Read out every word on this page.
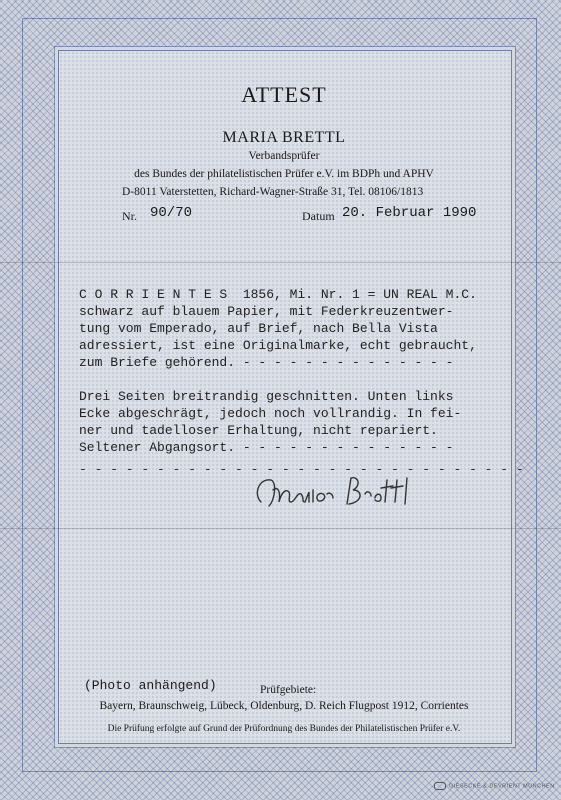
ATTEST
MARIA BRETTL
Verbandsprüfer
des Bundes der philatelistischen Prüfer e.V. im BDPh und APHV
D-8011 Vaterstetten, Richard-Wagner-Straße 31, Tel. 08106/1813
Nr. 90/70	Datum 20. Februar 1990
C O R R I E N T E S  1856, Mi. Nr. 1 = UN REAL M.C.
schwarz auf blauem Papier, mit Federkreuzentwer-
tung vom Emperado, auf Brief, nach Bella Vista
adressiert, ist eine Originalmarke, echt gebraucht,
zum Briefe gehörend. - - - - - - - - - - - - - -
Drei Seiten breitrandig geschnitten. Unten links
Ecke abgeschrägt, jedoch noch vollrandig. In fei-
ner und tadelloser Erhaltung, nicht repariert.
Seltener Abgangsort. - - - - - - - - - - - - - -
- - - - - - - - - - - - - - - - - - - - - - - - - - - - -
(Photo anhängend)	Prüfgebiete:
Bayern, Braunschweig, Lübeck, Oldenburg, D. Reich Flugpost 1912, Corrientes
Die Prüfung erfolgte auf Grund der Prüfordnung des Bundes der Philatelistischen Prüfer e.V.
GIESECKE & DEVRIENT MÜNCHEN
